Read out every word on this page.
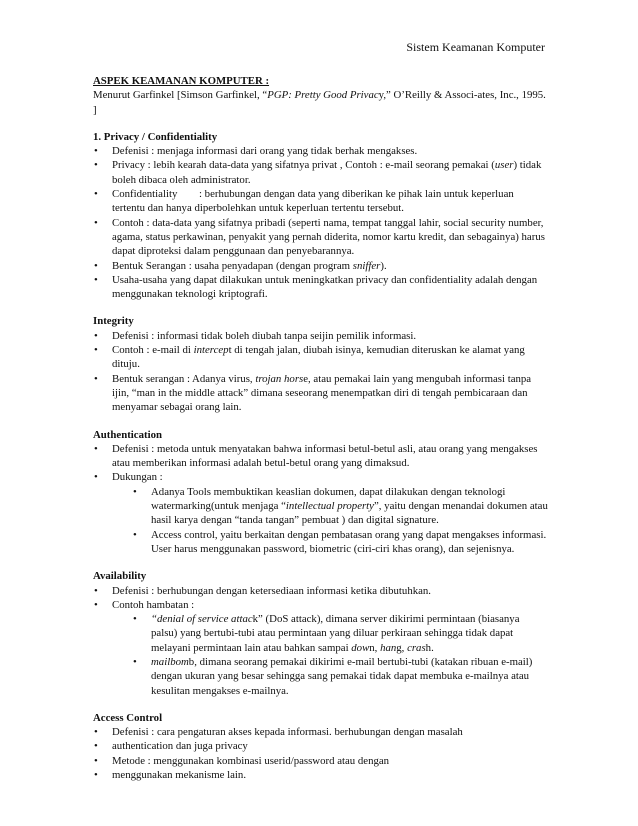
Sistem Keamanan Komputer

ASPEK KEAMANAN KOMPUTER :

Menurut Garfinkel [Simson Garfinkel, “PGP: Pretty Good Privacy,” O’Reilly & Associ-ates, Inc., 1995. ]

1. Privacy / Confidentiality

• Defenisi : menjaga informasi dari orang yang tidak berhak mengakses.
• Privacy : lebih kearah data-data yang sifatnya privat , Contoh : e-mail seorang pemakai (user) tidak boleh dibaca oleh administrator.
• Confidentiality        : berhubungan dengan data yang diberikan ke pihak lain untuk keperluan tertentu dan hanya diperbolehkan untuk keperluan tertentu tersebut.
• Contoh : data-data yang sifatnya pribadi (seperti nama, tempat tanggal lahir, social security number, agama, status perkawinan, penyakit yang pernah diderita, nomor kartu kredit, dan sebagainya) harus dapat diproteksi dalam penggunaan dan penyebarannya.
• Bentuk Serangan : usaha penyadapan (dengan program sniffer).
• Usaha-usaha yang dapat dilakukan untuk meningkatkan privacy dan confidentiality adalah dengan menggunakan teknologi kriptografi.

Integrity

• Defenisi : informasi tidak boleh diubah tanpa seijin pemilik informasi.
• Contoh : e-mail di intercept di tengah jalan, diubah isinya, kemudian diteruskan ke alamat yang dituju.
• Bentuk serangan : Adanya virus, trojan horse, atau pemakai lain yang mengubah informasi tanpa ijin, “man in the middle attack” dimana seseorang menempatkan diri di tengah pembicaraan dan menyamar sebagai orang lain.

Authentication

• Defenisi : metoda untuk menyatakan bahwa informasi betul-betul asli, atau orang yang mengakses atau memberikan informasi adalah betul-betul orang yang dimaksud.
• Dukungan :
• Adanya Tools membuktikan keaslian dokumen, dapat dilakukan dengan teknologi watermarking(untuk menjaga “intellectual property”, yaitu dengan menandai dokumen atau hasil karya dengan “tanda tangan” pembuat ) dan digital signature.
• Access control, yaitu berkaitan dengan pembatasan orang yang dapat mengakses informasi. User harus menggunakan password, biometric (ciri-ciri khas orang), dan sejenisnya.

Availability

• Defenisi : berhubungan dengan ketersediaan informasi ketika dibutuhkan.
• Contoh hambatan :
• “denial of service attack” (DoS attack), dimana server dikirimi permintaan (biasanya palsu) yang bertubi-tubi atau permintaan yang diluar perkiraan sehingga tidak dapat melayani permintaan lain atau bahkan sampai down, hang, crash.
• mailbomb, dimana seorang pemakai dikirimi e-mail bertubi-tubi (katakan ribuan e-mail) dengan ukuran yang besar sehingga sang pemakai tidak dapat membuka e-mailnya atau kesulitan mengakses e-mailnya.

Access Control

• Defenisi : cara pengaturan akses kepada informasi. berhubungan dengan masalah
• authentication dan juga privacy
• Metode : menggunakan kombinasi userid/password atau dengan
• menggunakan mekanisme lain.
